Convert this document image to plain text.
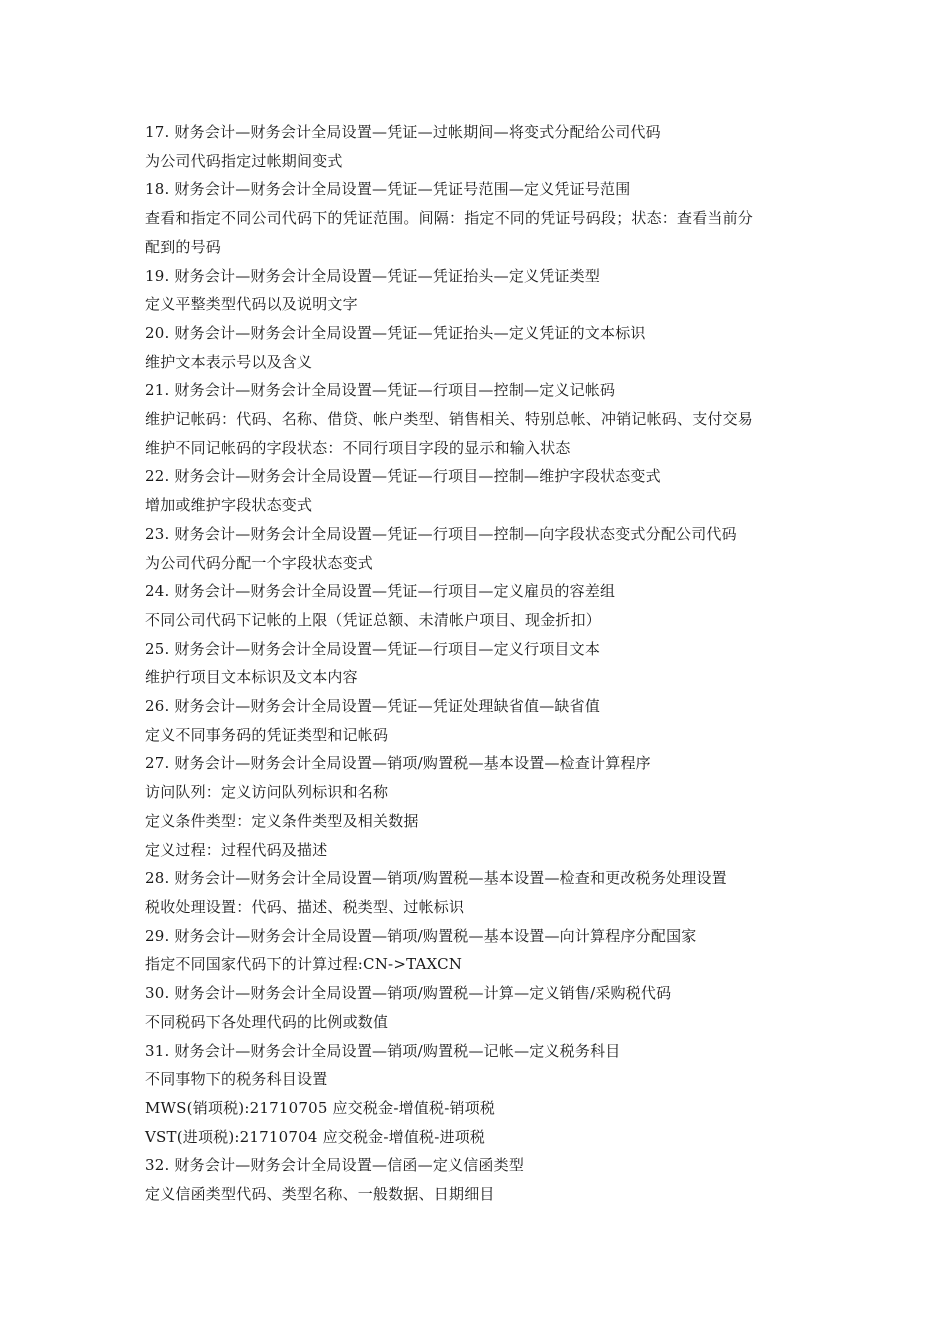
17. 财务会计—财务会计全局设置—凭证—过帐期间—将变式分配给公司代码
为公司代码指定过帐期间变式
18. 财务会计—财务会计全局设置—凭证—凭证号范围—定义凭证号范围
查看和指定不同公司代码下的凭证范围。间隔：指定不同的凭证号码段；状态：查看当前分
配到的号码
19. 财务会计—财务会计全局设置—凭证—凭证抬头—定义凭证类型
定义平整类型代码以及说明文字
20. 财务会计—财务会计全局设置—凭证—凭证抬头—定义凭证的文本标识
维护文本表示号以及含义
21. 财务会计—财务会计全局设置—凭证—行项目—控制—定义记帐码
维护记帐码：代码、名称、借贷、帐户类型、销售相关、特别总帐、冲销记帐码、支付交易
维护不同记帐码的字段状态：不同行项目字段的显示和输入状态
22. 财务会计—财务会计全局设置—凭证—行项目—控制—维护字段状态变式
增加或维护字段状态变式
23. 财务会计—财务会计全局设置—凭证—行项目—控制—向字段状态变式分配公司代码
为公司代码分配一个字段状态变式
24. 财务会计—财务会计全局设置—凭证—行项目—定义雇员的容差组
不同公司代码下记帐的上限（凭证总额、未清帐户项目、现金折扣）
25. 财务会计—财务会计全局设置—凭证—行项目—定义行项目文本
维护行项目文本标识及文本内容
26. 财务会计—财务会计全局设置—凭证—凭证处理缺省值—缺省值
定义不同事务码的凭证类型和记帐码
27. 财务会计—财务会计全局设置—销项/购置税—基本设置—检查计算程序
访问队列：定义访问队列标识和名称
定义条件类型：定义条件类型及相关数据
定义过程：过程代码及描述
28. 财务会计—财务会计全局设置—销项/购置税—基本设置—检查和更改税务处理设置
税收处理设置：代码、描述、税类型、过帐标识
29. 财务会计—财务会计全局设置—销项/购置税—基本设置—向计算程序分配国家
指定不同国家代码下的计算过程:CN->TAXCN
30. 财务会计—财务会计全局设置—销项/购置税—计算—定义销售/采购税代码
不同税码下各处理代码的比例或数值
31. 财务会计—财务会计全局设置—销项/购置税—记帐—定义税务科目
不同事物下的税务科目设置
MWS(销项税):21710705 应交税金-增值税-销项税
VST(进项税):21710704 应交税金-增值税-进项税
32. 财务会计—财务会计全局设置—信函—定义信函类型
定义信函类型代码、类型名称、一般数据、日期细目
